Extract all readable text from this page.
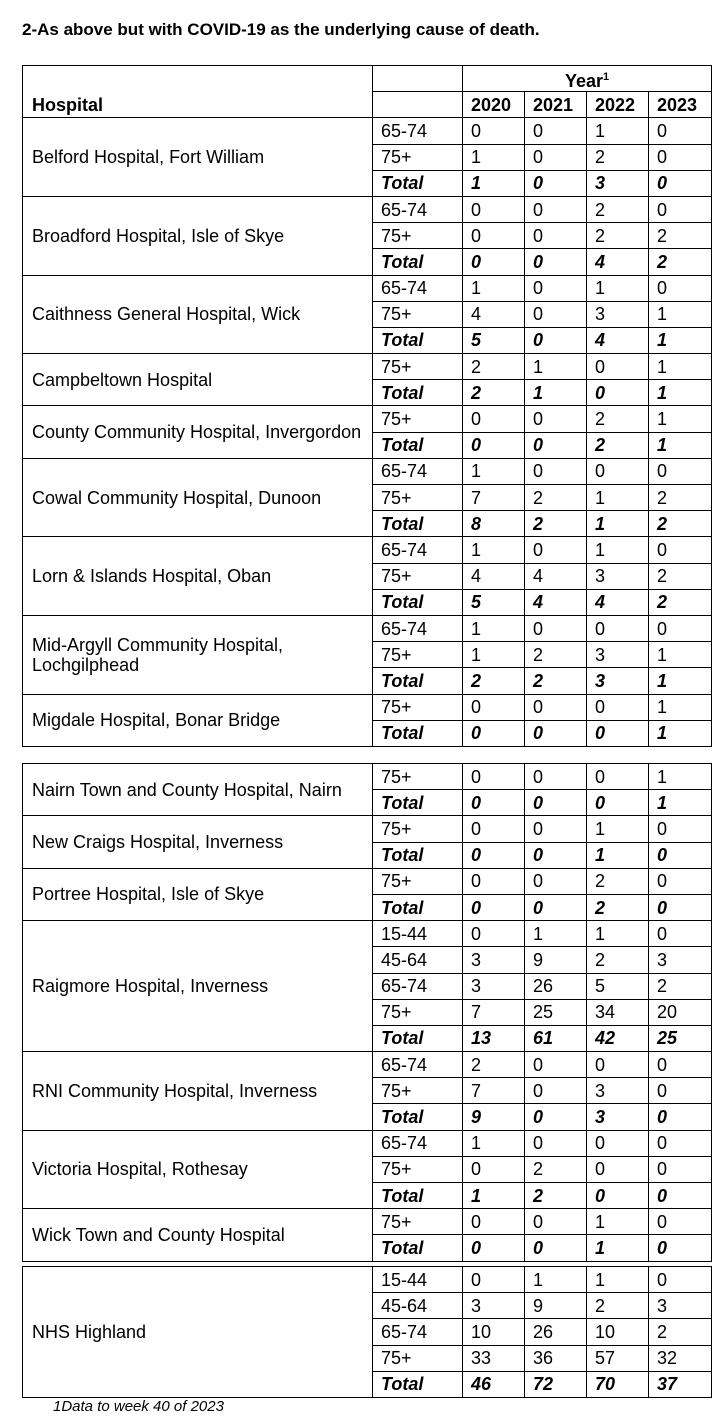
2-As above but with COVID-19 as the underlying cause of death.
Hospital		Year$^1$
		2020	2021	2022	2023
Belford Hospital, Fort William	65-74	0	0	1	0
	75+	1	0	2	0
	Total	1	0	3	0
Broadford Hospital, Isle of Skye	65-74	0	0	2	0
	75+	0	0	2	2
	Total	0	0	4	2
Caithness General Hospital, Wick	65-74	1	0	1	0
	75+	4	0	3	1
	Total	5	0	4	1
Campbeltown Hospital	75+	2	1	0	1
	Total	2	1	0	1
County Community Hospital, Invergordon	75+	0	0	2	1
	Total	0	0	2	1
Cowal Community Hospital, Dunoon	65-74	1	0	0	0
	75+	7	2	1	2
	Total	8	2	1	2
Lorn & Islands Hospital, Oban	65-74	1	0	1	0
	75+	4	4	3	2
	Total	5	4	4	2
Mid-Argyll Community Hospital, Lochgilphead	65-74	1	0	0	0
	75+	1	2	3	1
	Total	2	2	3	1
Migdale Hospital, Bonar Bridge	75+	0	0	0	1
	Total	0	0	0	1
Nairn Town and County Hospital, Nairn	75+	0	0	0	1
	Total	0	0	0	1
New Craigs Hospital, Inverness	75+	0	0	1	0
	Total	0	0	1	0
Portree Hospital, Isle of Skye	75+	0	0	2	0
	Total	0	0	2	0
Raigmore Hospital, Inverness	15-44	0	1	1	0
	45-64	3	9	2	3
	65-74	3	26	5	2
	75+	7	25	34	20
	Total	13	61	42	25
RNI Community Hospital, Inverness	65-74	2	0	0	0
	75+	7	0	3	0
	Total	9	0	3	0
Victoria Hospital, Rothesay	65-74	1	0	0	0
	75+	0	2	0	0
	Total	1	2	0	0
Wick Town and County Hospital	75+	0	0	1	0
	Total	0	0	1	0
NHS Highland	15-44	0	1	1	0
	45-64	3	9	2	3
	65-74	10	26	10	2
	75+	33	36	57	32
	Total	46	72	70	37
1Data to week 40 of 2023
